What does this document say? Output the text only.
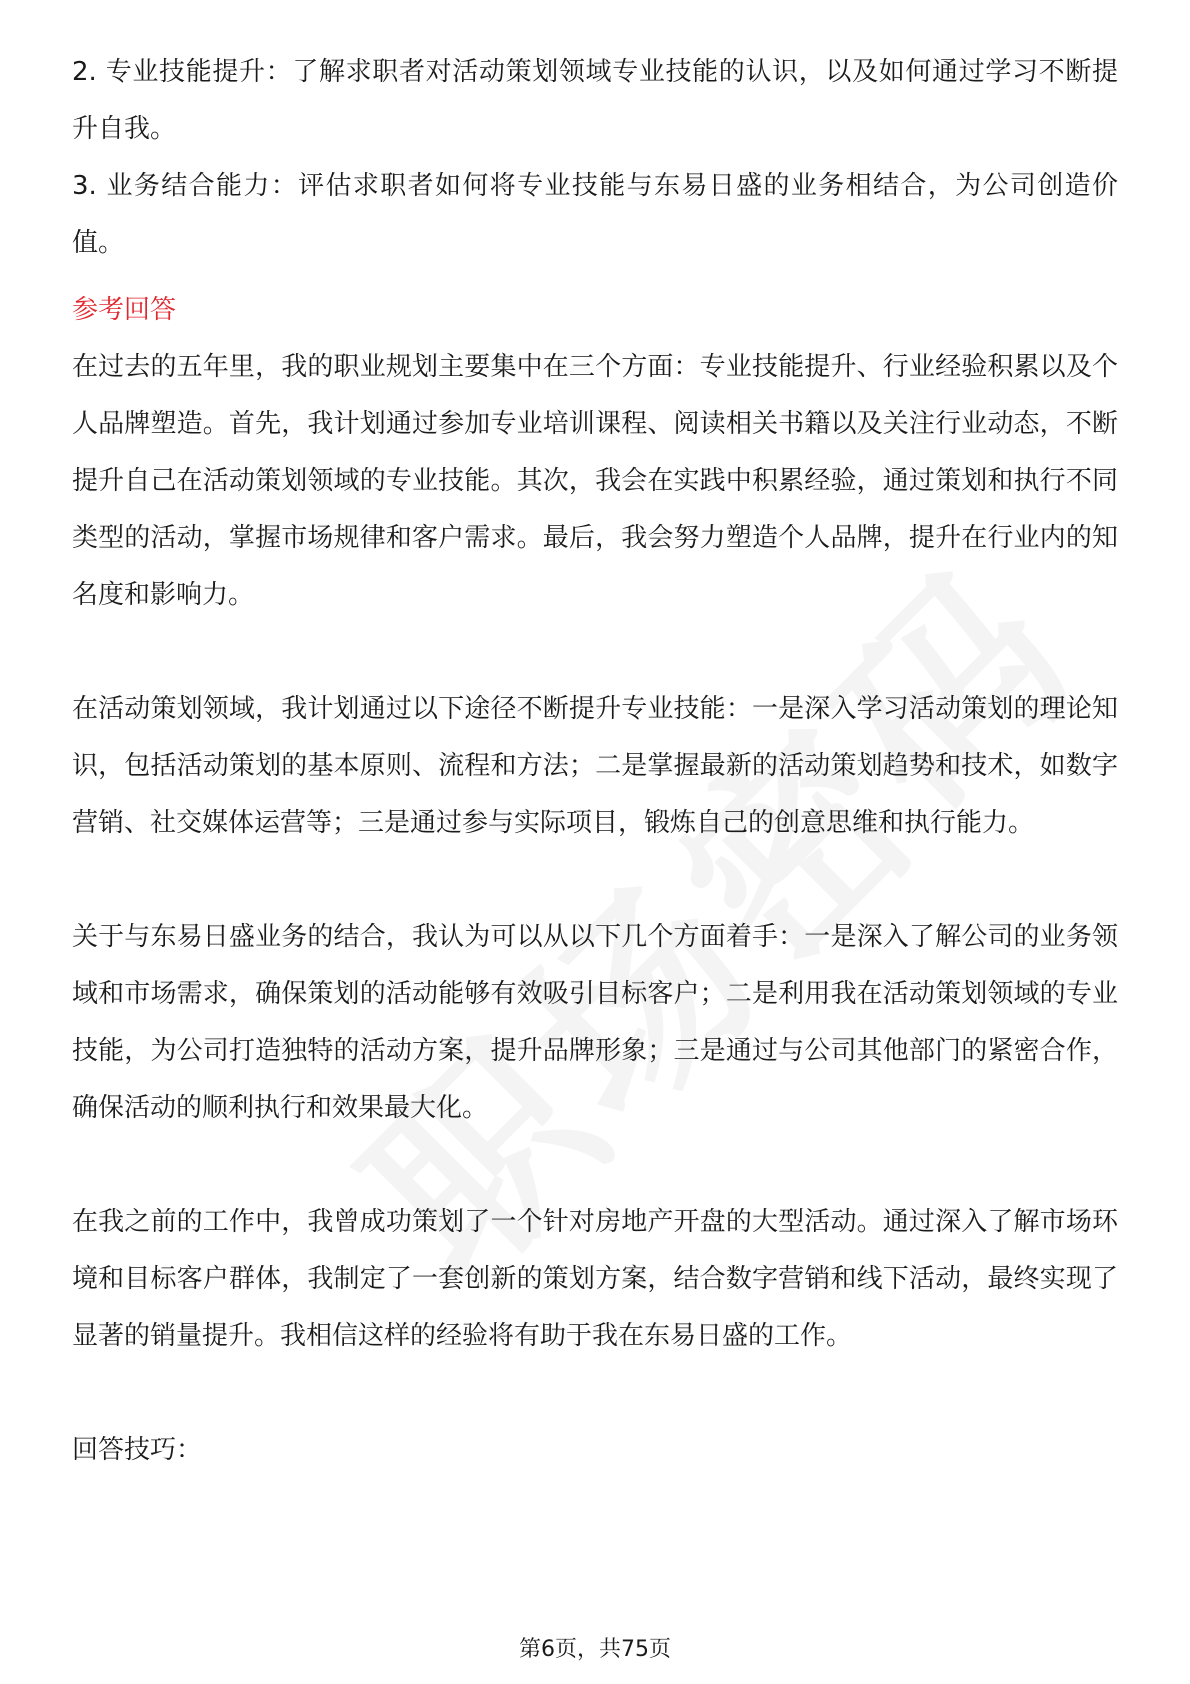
2. 专业技能提升：了解求职者对活动策划领域专业技能的认识，以及如何通过学习不断提升自我。

3. 业务结合能力：评估求职者如何将专业技能与东易日盛的业务相结合，为公司创造价值。

参考回答

在过去的五年里，我的职业规划主要集中在三个方面：专业技能提升、行业经验积累以及个人品牌塑造。首先，我计划通过参加专业培训课程、阅读相关书籍以及关注行业动态，不断提升自己在活动策划领域的专业技能。其次，我会在实践中积累经验，通过策划和执行不同类型的活动，掌握市场规律和客户需求。最后，我会努力塑造个人品牌，提升在行业内的知名度和影响力。

在活动策划领域，我计划通过以下途径不断提升专业技能：一是深入学习活动策划的理论知识，包括活动策划的基本原则、流程和方法；二是掌握最新的活动策划趋势和技术，如数字营销、社交媒体运营等；三是通过参与实际项目，锻炼自己的创意思维和执行能力。

关于与东易日盛业务的结合，我认为可以从以下几个方面着手：一是深入了解公司的业务领域和市场需求，确保策划的活动能够有效吸引目标客户；二是利用我在活动策划领域的专业技能，为公司打造独特的活动方案，提升品牌形象；三是通过与公司其他部门的紧密合作，确保活动的顺利执行和效果最大化。

在我之前的工作中，我曾成功策划了一个针对房地产开盘的大型活动。通过深入了解市场环境和目标客户群体，我制定了一套创新的策划方案，结合数字营销和线下活动，最终实现了显著的销量提升。我相信这样的经验将有助于我在东易日盛的工作。

回答技巧：

第6页，共75页
